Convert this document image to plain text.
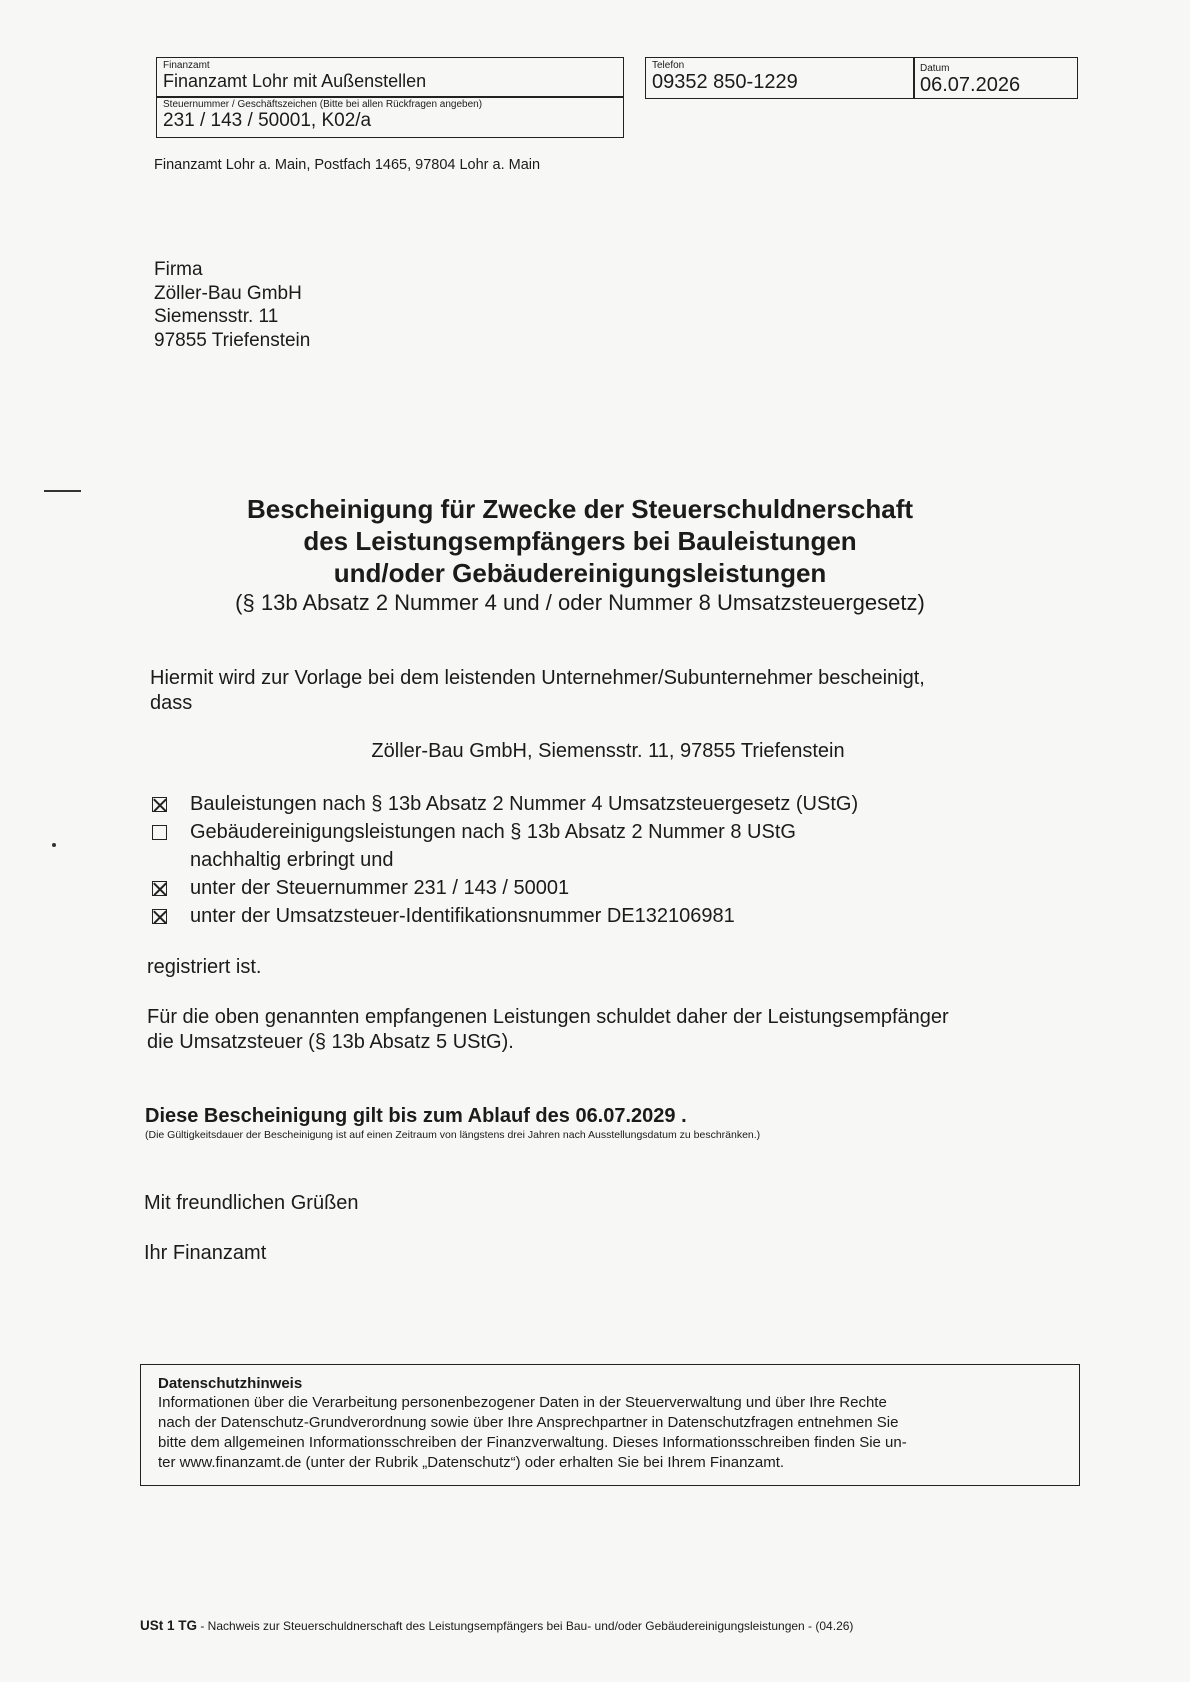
Finanzamt
Finanzamt Lohr mit Außenstellen
Steuernummer / Geschäftszeichen (Bitte bei allen Rückfragen angeben)
231 / 143 / 50001, K02/a
Telefon
09352 850-1229
Datum
06.07.2026
Finanzamt Lohr a. Main, Postfach 1465, 97804 Lohr a. Main
Firma
Zöller-Bau GmbH
Siemensstr. 11
97855 Triefenstein
Bescheinigung für Zwecke der Steuerschuldnerschaft
des Leistungsempfängers bei Bauleistungen
und/oder Gebäudereinigungsleistungen
(§ 13b Absatz 2 Nummer 4 und / oder Nummer 8 Umsatzsteuergesetz)
Hiermit wird zur Vorlage bei dem leistenden Unternehmer/Subunternehmer bescheinigt,
dass
Zöller-Bau GmbH, Siemensstr. 11, 97855 Triefenstein
Bauleistungen nach § 13b Absatz 2 Nummer 4 Umsatzsteuergesetz (UStG)
Gebäudereinigungsleistungen nach § 13b Absatz 2 Nummer 8 UStG
nachhaltig erbringt und
unter der Steuernummer 231 / 143 / 50001
unter der Umsatzsteuer-Identifikationsnummer DE132106981
registriert ist.
Für die oben genannten empfangenen Leistungen schuldet daher der Leistungsempfänger
die Umsatzsteuer (§ 13b Absatz 5 UStG).
Diese Bescheinigung gilt bis zum Ablauf des 06.07.2029 .
(Die Gültigkeitsdauer der Bescheinigung ist auf einen Zeitraum von längstens drei Jahren nach Ausstellungsdatum zu beschränken.)
Mit freundlichen Grüßen
Ihr Finanzamt
Datenschutzhinweis
Informationen über die Verarbeitung personenbezogener Daten in der Steuerverwaltung und über Ihre Rechte
nach der Datenschutz-Grundverordnung sowie über Ihre Ansprechpartner in Datenschutzfragen entnehmen Sie
bitte dem allgemeinen Informationsschreiben der Finanzverwaltung. Dieses Informationsschreiben finden Sie un-
ter www.finanzamt.de (unter der Rubrik „Datenschutz“) oder erhalten Sie bei Ihrem Finanzamt.
USt 1 TG - Nachweis zur Steuerschuldnerschaft des Leistungsempfängers bei Bau- und/oder Gebäudereinigungsleistungen - (04.26)
